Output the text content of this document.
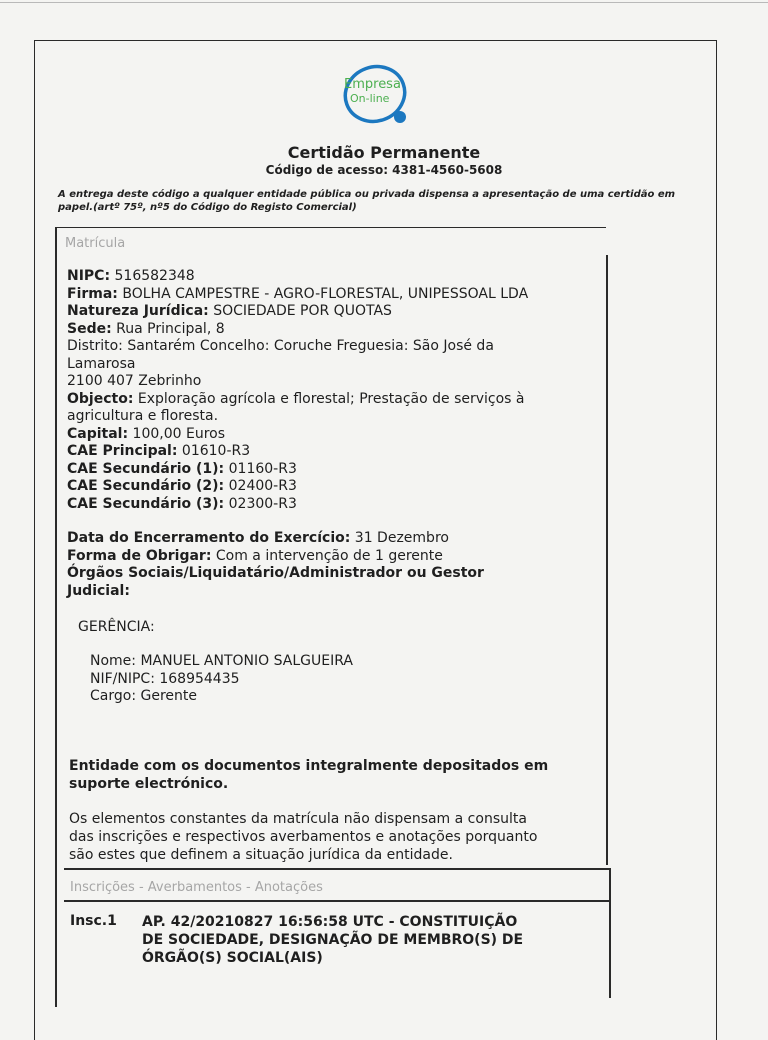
Empresa
On-line
Certidão Permanente
Código de acesso: 4381-4560-5608
A entrega deste código a qualquer entidade pública ou privada dispensa a apresentação de uma certidão em papel.(artº 75º, nº5 do Código do Registo Comercial)
Matrícula

NIPC: 516582348

Firma: BOLHA CAMPESTRE - AGRO-FLORESTAL, UNIPESSOAL LDA

Natureza Jurídica: SOCIEDADE POR QUOTAS

Sede: Rua Principal, 8

Distrito: Santarém Concelho: Coruche Freguesia: São José da

Lamarosa

2100 407 Zebrinho

Objecto: Exploração agrícola e florestal; Prestação de serviços à

agricultura e floresta.

Capital: 100,00 Euros

CAE Principal: 01610-R3

CAE Secundário (1): 01160-R3

CAE Secundário (2): 02400-R3

CAE Secundário (3): 02300-R3

Data do Encerramento do Exercício: 31 Dezembro

Forma de Obrigar: Com a intervenção de 1 gerente

Órgãos Sociais/Liquidatário/Administrador ou Gestor

Judicial:

GERÊNCIA:
Nome: MANUEL ANTONIO SALGUEIRA
NIF/NIPC: 168954435
Cargo: Gerente
Entidade com os documentos integralmente depositados em
suporte electrónico.
Os elementos constantes da matrícula não dispensam a consulta
das inscrições e respectivos averbamentos e anotações porquanto
são estes que definem a situação jurídica da entidade.
Inscrições - Averbamentos - Anotações
Insc.1 AP. 42/20210827 16:56:58 UTC - CONSTITUIÇÃO
DE SOCIEDADE, DESIGNAÇÃO DE MEMBRO(S) DE
ÓRGÃO(S) SOCIAL(AIS)
